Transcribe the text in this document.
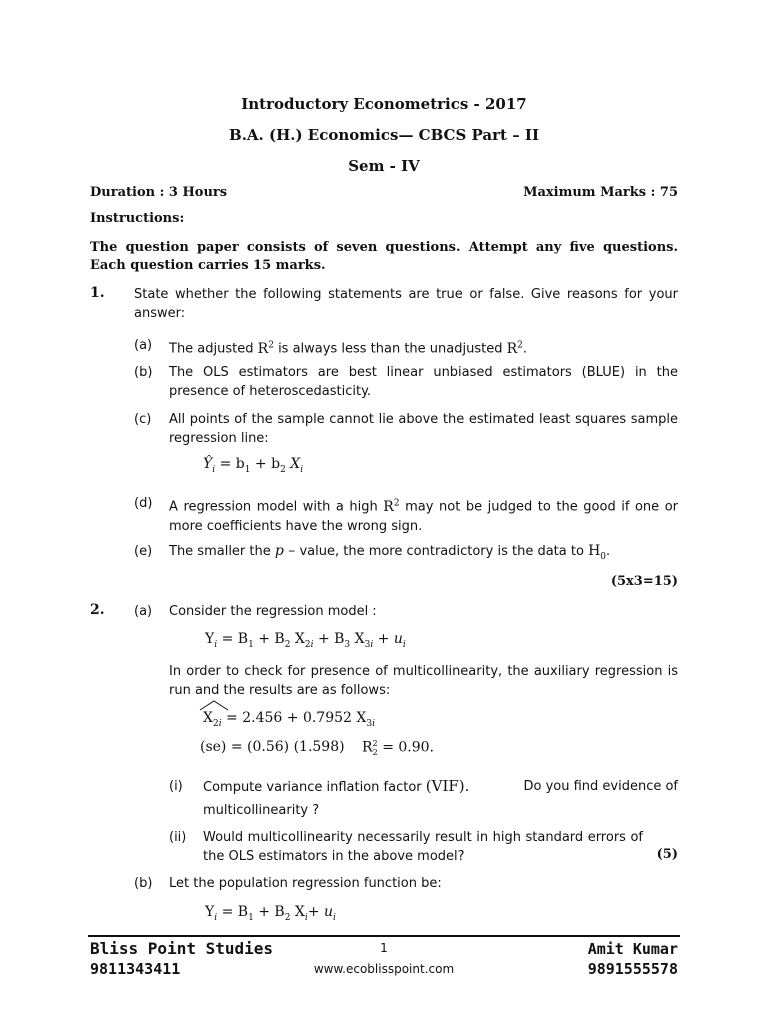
Introductory Econometrics - 2017
B.A. (H.) Economics— CBCS Part – II
Sem - IV
Duration : 3 Hours	Maximum Marks : 75
Instructions:
The question paper consists of seven questions. Attempt any five questions. Each question carries 15 marks.
1. State whether the following statements are true or false. Give reasons for your answer:
(a) The adjusted $R^2$ is always less than the unadjusted $R^2$.
(b) The OLS estimators are best linear unbiased estimators (BLUE) in the presence of heteroscedasticity.
(c) All points of the sample cannot lie above the estimated least squares sample regression line:
$Ŷ_i = b_1 + b_2$ $X_i$
(d) A regression model with a high $R^2$ may not be judged to the good if one or more coefficients have the wrong sign.
(e) The smaller the p – value, the more contradictory is the data to $H_0$.
(5x3=15)
2. (a) Consider the regression model :
$Y_i = B_1 + B_2$ $X_{2i} + B_3$ $X_{3i} + u_i$
In order to check for presence of multicollinearity, the auxiliary regression is run and the results are as follows:
$X_{2i} = 2.456 + 0.7952$ $X_{3i}$
(se) = (0.56) (1.598) $R^2_2 = 0.90$.
(i) Compute variance inflation factor (VIF).	Do you find evidence of
multicollinearity ?
(ii) Would multicollinearity necessarily result in high standard errors of the OLS estimators in the above model?	(5)
(b) Let the population regression function be:
$Y_i = B_1 + B_2$ $X_i+ u_i$
Bliss Point Studies
9811343411
1
www.ecoblisspoint.com
Amit Kumar
9891555578
